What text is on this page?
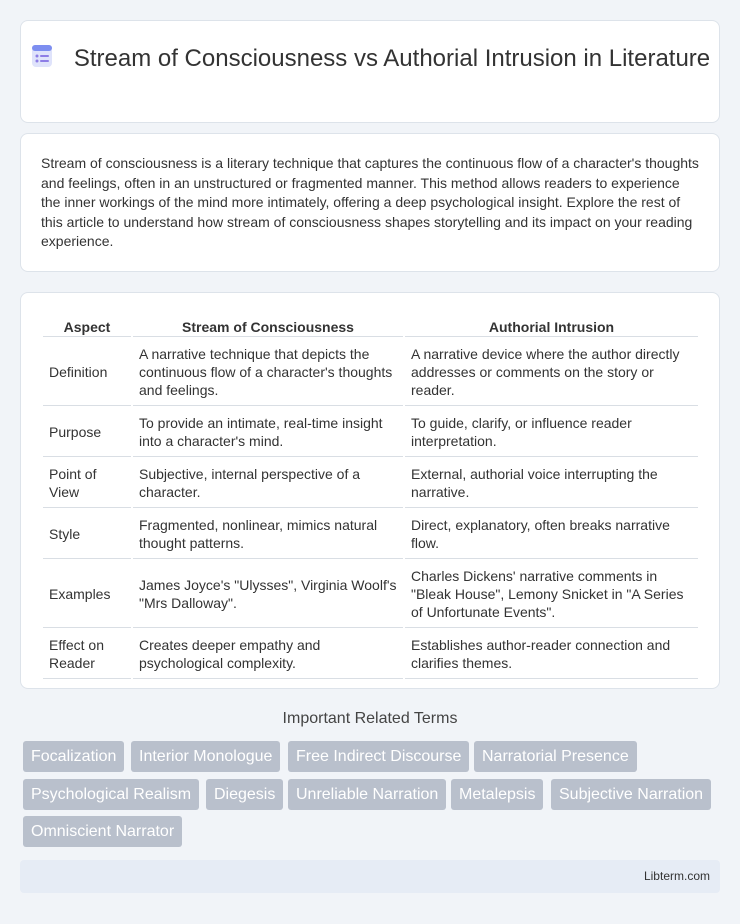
Stream of Consciousness vs Authorial Intrusion in Literature

Stream of consciousness is a literary technique that captures the continuous flow of a character's thoughts and feelings, often in an unstructured or fragmented manner. This method allows readers to experience the inner workings of the mind more intimately, offering a deep psychological insight. Explore the rest of this article to understand how stream of consciousness shapes storytelling and its impact on your reading experience.

Aspect	Stream of Consciousness	Authorial Intrusion
Definition	A narrative technique that depicts the continuous flow of a character's thoughts and feelings.	A narrative device where the author directly addresses or comments on the story or reader.
Purpose	To provide an intimate, real-time insight into a character's mind.	To guide, clarify, or influence reader interpretation.
Point of View	Subjective, internal perspective of a character.	External, authorial voice interrupting the narrative.
Style	Fragmented, nonlinear, mimics natural thought patterns.	Direct, explanatory, often breaks narrative flow.
Examples	James Joyce's "Ulysses", Virginia Woolf's "Mrs Dalloway".	Charles Dickens' narrative comments in "Bleak House", Lemony Snicket in "A Series of Unfortunate Events".
Effect on Reader	Creates deeper empathy and psychological complexity.	Establishes author-reader connection and clarifies themes.
Important Related Terms
Focalization	Interior Monologue	Free Indirect Discourse	Narratorial Presence
Psychological Realism	Diegesis	Unreliable Narration	Metalepsis	Subjective Narration
Omniscient Narrator
Libterm.com
